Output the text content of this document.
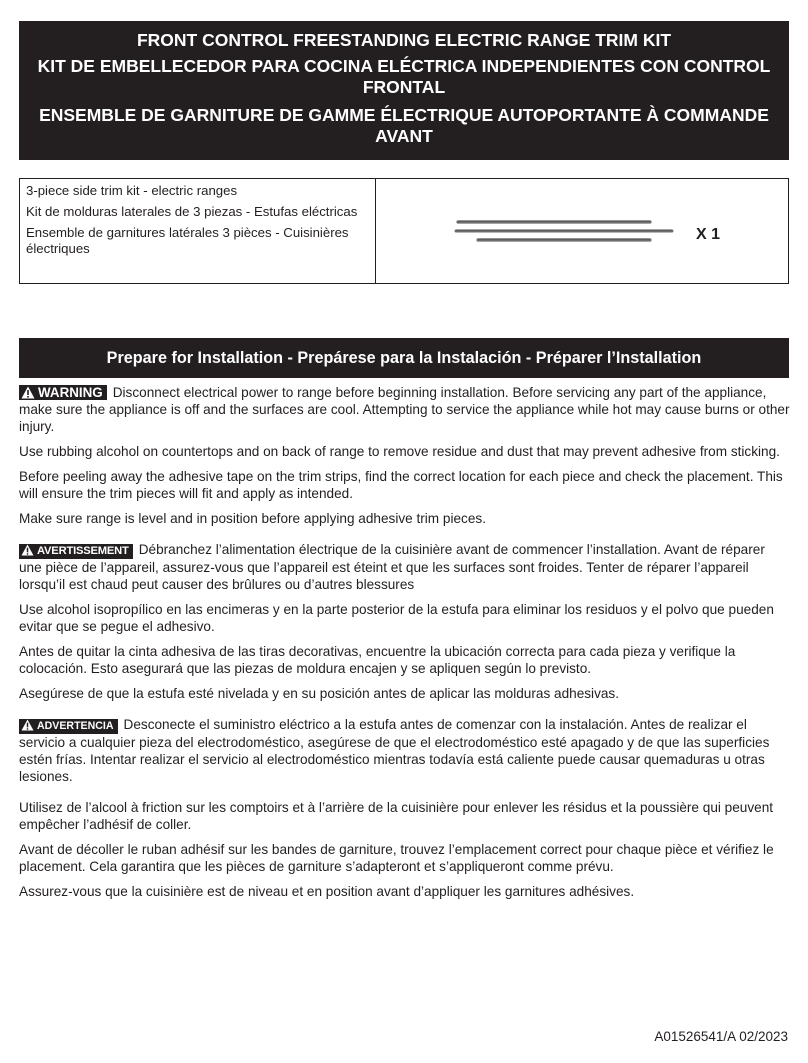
FRONT CONTROL FREESTANDING ELECTRIC RANGE TRIM KIT
KIT DE EMBELLECEDOR PARA COCINA ELÉCTRICA INDEPENDIENTES CON CONTROL FRONTAL
ENSEMBLE DE GARNITURE DE GAMME ÉLECTRIQUE AUTOPORTANTE À COMMANDE AVANT
3-piece side trim kit - electric ranges
Kit de molduras laterales de 3 piezas - Estufas eléctricas
Ensemble de garnitures latérales 3 pièces - Cuisinières électriques
X 1
Prepare for Installation - Prepárese para la Instalación - Préparer l’Installation

WARNING Disconnect electrical power to range before beginning installation. Before servicing any part of the appliance, make sure the appliance is off and the surfaces are cool. Attempting to service the appliance while hot may cause burns or other injury.

Use rubbing alcohol on countertops and on back of range to remove residue and dust that may prevent adhesive from sticking.

Before peeling away the adhesive tape on the trim strips, find the correct location for each piece and check the placement. This will ensure the trim pieces will fit and apply as intended.

Make sure range is level and in position before applying adhesive trim pieces.

AVERTISSEMENT Débranchez l’alimentation électrique de la cuisinière avant de commencer l’installation. Avant de réparer une pièce de l’appareil, assurez-vous que l’appareil est éteint et que les surfaces sont froides. Tenter de réparer l’appareil lorsqu’il est chaud peut causer des brûlures ou d’autres blessures

Use alcohol isopropílico en las encimeras y en la parte posterior de la estufa para eliminar los residuos y el polvo que pueden evitar que se pegue el adhesivo.

Antes de quitar la cinta adhesiva de las tiras decorativas, encuentre la ubicación correcta para cada pieza y verifique la colocación. Esto asegurará que las piezas de moldura encajen y se apliquen según lo previsto.

Asegúrese de que la estufa esté nivelada y en su posición antes de aplicar las molduras adhesivas.

ADVERTENCIA Desconecte el suministro eléctrico a la estufa antes de comenzar con la instalación. Antes de realizar el servicio a cualquier pieza del electrodoméstico, asegúrese de que el electrodoméstico esté apagado y de que las superficies estén frías. Intentar realizar el servicio al electrodoméstico mientras todavía está caliente puede causar quemaduras u otras lesiones.

Utilisez de l’alcool à friction sur les comptoirs et à l’arrière de la cuisinière pour enlever les résidus et la poussière qui peuvent empêcher l’adhésif de coller.

Avant de décoller le ruban adhésif sur les bandes de garniture, trouvez l’emplacement correct pour chaque pièce et vérifiez le placement. Cela garantira que les pièces de garniture s’adapteront et s’appliqueront comme prévu.

Assurez-vous que la cuisinière est de niveau et en position avant d’appliquer les garnitures adhésives.

A01526541/A 02/2023
